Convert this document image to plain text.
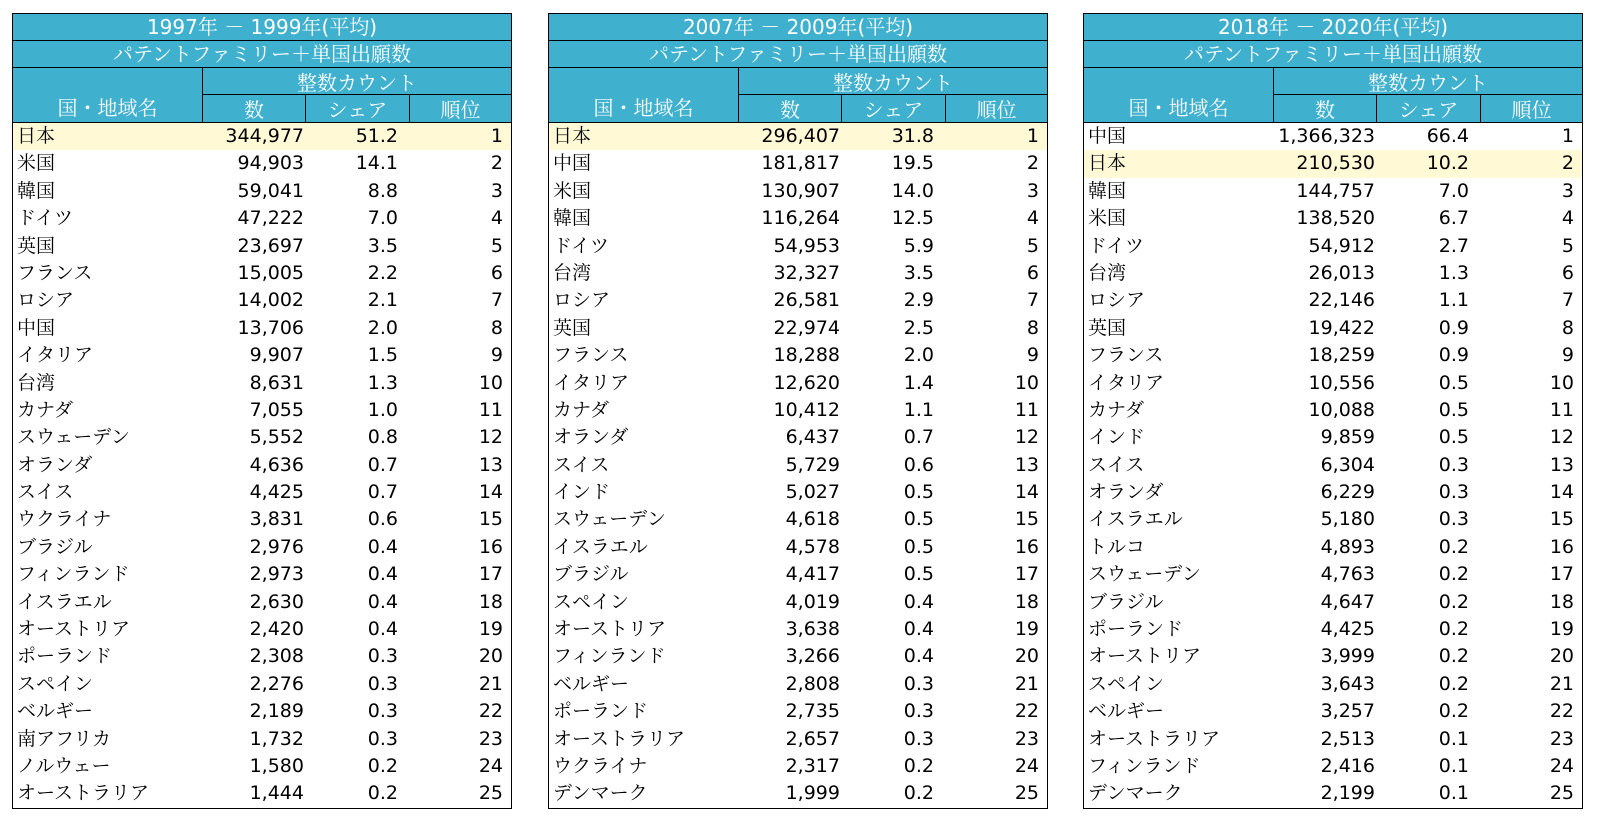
1997年 － 1999年(平均)
パテントファミリー＋単国出願数
国・地域名
整数カウント
数	シェア	順位
日本	344,977	51.2	1
米国	94,903	14.1	2
韓国	59,041	8.8	3
ドイツ	47,222	7.0	4
英国	23,697	3.5	5
フランス	15,005	2.2	6
ロシア	14,002	2.1	7
中国	13,706	2.0	8
イタリア	9,907	1.5	9
台湾	8,631	1.3	10
カナダ	7,055	1.0	11
スウェーデン	5,552	0.8	12
オランダ	4,636	0.7	13
スイス	4,425	0.7	14
ウクライナ	3,831	0.6	15
ブラジル	2,976	0.4	16
フィンランド	2,973	0.4	17
イスラエル	2,630	0.4	18
オーストリア	2,420	0.4	19
ポーランド	2,308	0.3	20
スペイン	2,276	0.3	21
ベルギー	2,189	0.3	22
南アフリカ	1,732	0.3	23
ノルウェー	1,580	0.2	24
オーストラリア	1,444	0.2	25
2007年 － 2009年(平均)
パテントファミリー＋単国出願数
国・地域名
整数カウント
数	シェア	順位
日本	296,407	31.8	1
中国	181,817	19.5	2
米国	130,907	14.0	3
韓国	116,264	12.5	4
ドイツ	54,953	5.9	5
台湾	32,327	3.5	6
ロシア	26,581	2.9	7
英国	22,974	2.5	8
フランス	18,288	2.0	9
イタリア	12,620	1.4	10
カナダ	10,412	1.1	11
オランダ	6,437	0.7	12
スイス	5,729	0.6	13
インド	5,027	0.5	14
スウェーデン	4,618	0.5	15
イスラエル	4,578	0.5	16
ブラジル	4,417	0.5	17
スペイン	4,019	0.4	18
オーストリア	3,638	0.4	19
フィンランド	3,266	0.4	20
ベルギー	2,808	0.3	21
ポーランド	2,735	0.3	22
オーストラリア	2,657	0.3	23
ウクライナ	2,317	0.2	24
デンマーク	1,999	0.2	25
2018年 － 2020年(平均)
パテントファミリー＋単国出願数
国・地域名
整数カウント
数	シェア	順位
中国	1,366,323	66.4	1
日本	210,530	10.2	2
韓国	144,757	7.0	3
米国	138,520	6.7	4
ドイツ	54,912	2.7	5
台湾	26,013	1.3	6
ロシア	22,146	1.1	7
英国	19,422	0.9	8
フランス	18,259	0.9	9
イタリア	10,556	0.5	10
カナダ	10,088	0.5	11
インド	9,859	0.5	12
スイス	6,304	0.3	13
オランダ	6,229	0.3	14
イスラエル	5,180	0.3	15
トルコ	4,893	0.2	16
スウェーデン	4,763	0.2	17
ブラジル	4,647	0.2	18
ポーランド	4,425	0.2	19
オーストリア	3,999	0.2	20
スペイン	3,643	0.2	21
ベルギー	3,257	0.2	22
オーストラリア	2,513	0.1	23
フィンランド	2,416	0.1	24
デンマーク	2,199	0.1	25
